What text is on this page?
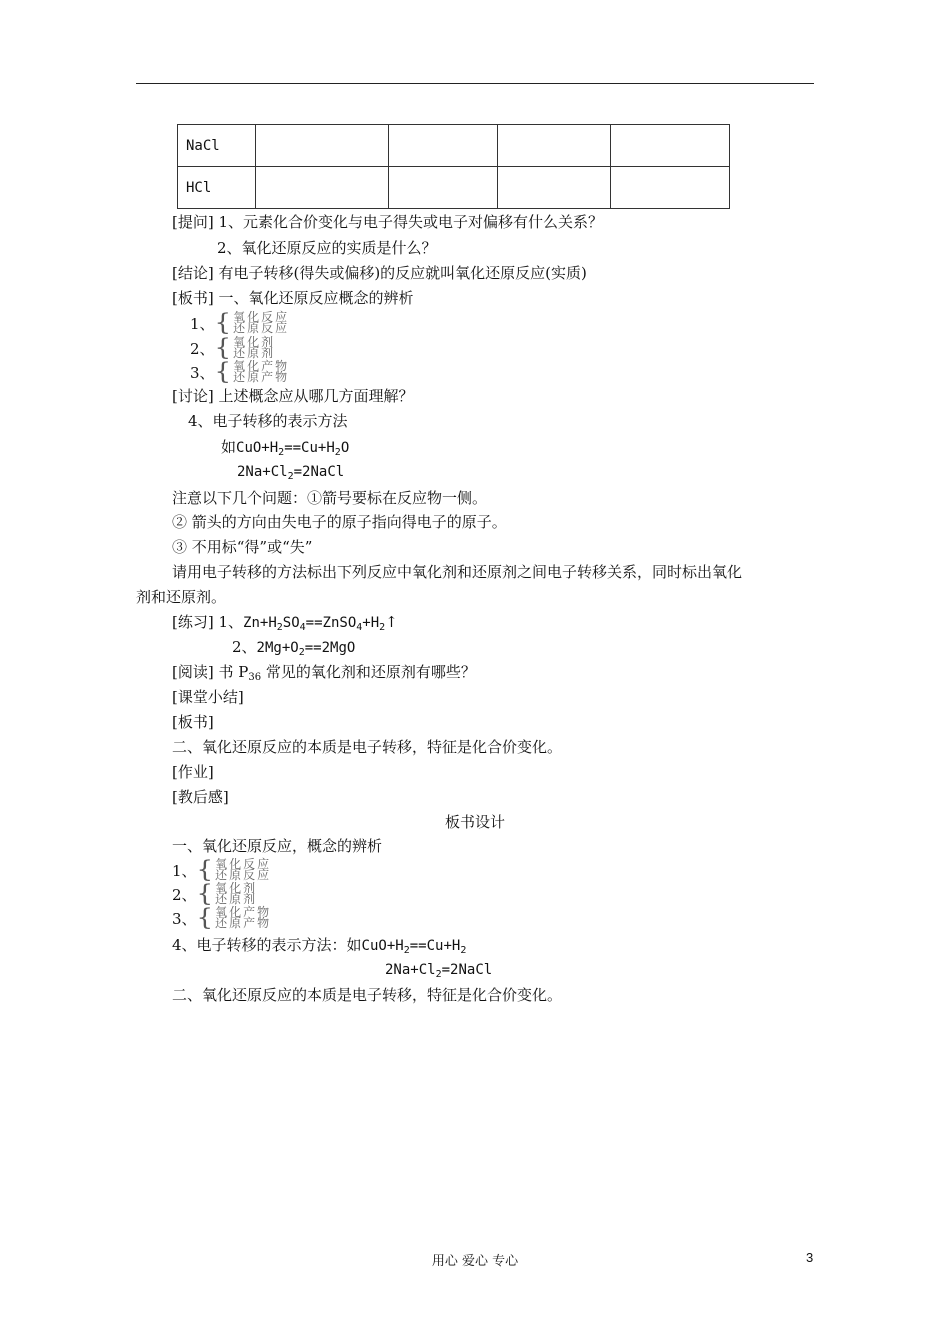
NaCl				
HCl				
[提问] 1、元素化合价变化与电子得失或电子对偏移有什么关系？
2、氧化还原反应的实质是什么？
[结论] 有电子转移(得失或偏移)的反应就叫氧化还原反应(实质)
[板书] 一、氧化还原反应概念的辨析
1、 { 氧化反应
还原反应
2、 { 氧化剂
还原剂
3、 { 氧化产物
还原产物
[讨论] 上述概念应从哪几方面理解？
4、电子转移的表示方法
如$CuO+H_2==Cu+H_2O$
$2Na+Cl_2=2NaCl$
注意以下几个问题：①箭号要标在反应物一侧。
② 箭头的方向由失电子的原子指向得电子的原子。
③ 不用标“得”或“失”
请用电子转移的方法标出下列反应中氧化剂和还原剂之间电子转移关系，同时标出氧化
剂和还原剂。
[练习] 1、$Zn+H_2SO_4==ZnSO_4+H_2↑$
2、$2Mg+O_2==2MgO$
[阅读] 书 $P_{36}$ 常见的氧化剂和还原剂有哪些？
[课堂小结]
[板书]
二、氧化还原反应的本质是电子转移，特征是化合价变化。
[作业]
[教后感]
板书设计
一、氧化还原反应，概念的辨析
1、 { 氧化反应
还原反应
2、 { 氧化剂
还原剂
3、 { 氧化产物
还原产物
4、电子转移的表示方法：如$CuO+H_2==Cu+H_2$
$2Na+Cl_2=2NaCl$
二、氧化还原反应的本质是电子转移，特征是化合价变化。
用心 爱心 专心	3
